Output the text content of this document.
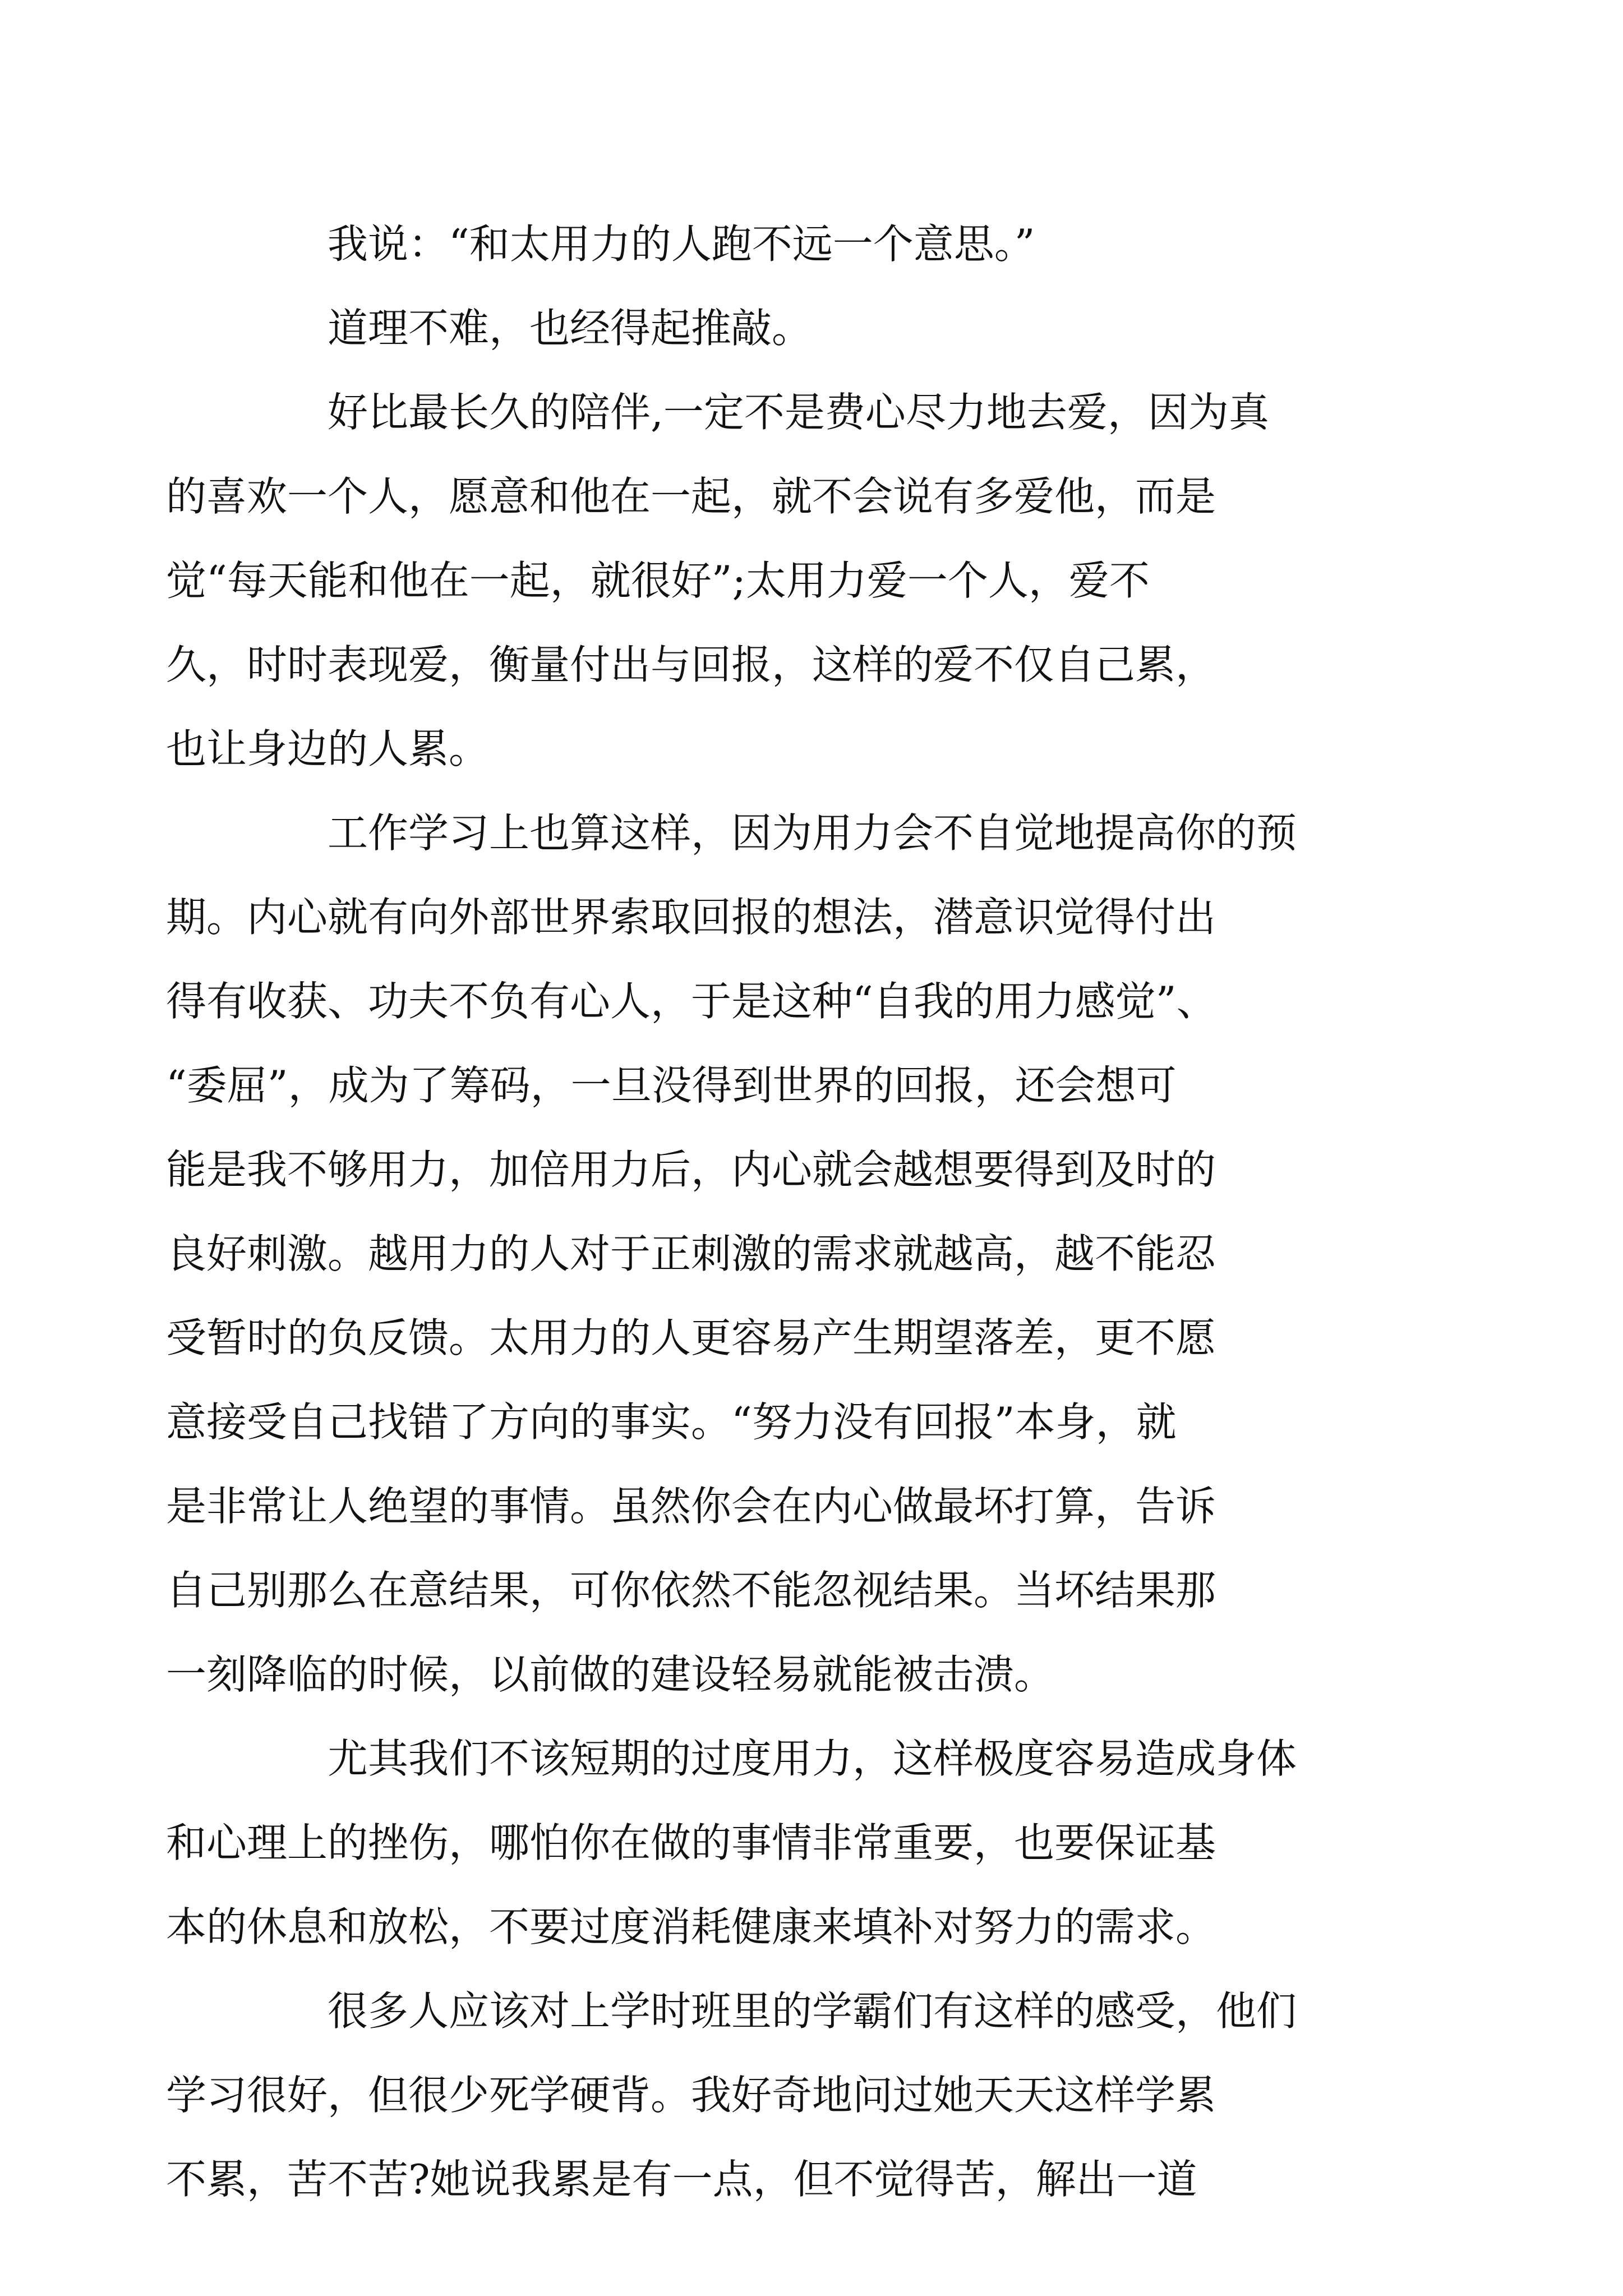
我说：“和太用力的人跑不远一个意思。”

道理不难，也经得起推敲。

好比最长久的陪伴,一定不是费心尽力地去爱，因为真
的喜欢一个人，愿意和他在一起，就不会说有多爱他，而是
觉“每天能和他在一起，就很好”;太用力爱一个人，爱不
久，时时表现爱，衡量付出与回报，这样的爱不仅自己累，
也让身边的人累。

工作学习上也算这样，因为用力会不自觉地提高你的预
期。内心就有向外部世界索取回报的想法，潜意识觉得付出
得有收获、功夫不负有心人，于是这种“自我的用力感觉”、
“委屈”，成为了筹码，一旦没得到世界的回报，还会想可
能是我不够用力，加倍用力后，内心就会越想要得到及时的
良好刺激。越用力的人对于正刺激的需求就越高，越不能忍
受暂时的负反馈。太用力的人更容易产生期望落差，更不愿
意接受自己找错了方向的事实。“努力没有回报”本身，就
是非常让人绝望的事情。虽然你会在内心做最坏打算，告诉
自己别那么在意结果，可你依然不能忽视结果。当坏结果那
一刻降临的时候，以前做的建设轻易就能被击溃。

尤其我们不该短期的过度用力，这样极度容易造成身体
和心理上的挫伤，哪怕你在做的事情非常重要，也要保证基
本的休息和放松，不要过度消耗健康来填补对努力的需求。

很多人应该对上学时班里的学霸们有这样的感受，他们
学习很好，但很少死学硬背。我好奇地问过她天天这样学累
不累，苦不苦?她说我累是有一点，但不觉得苦，解出一道
